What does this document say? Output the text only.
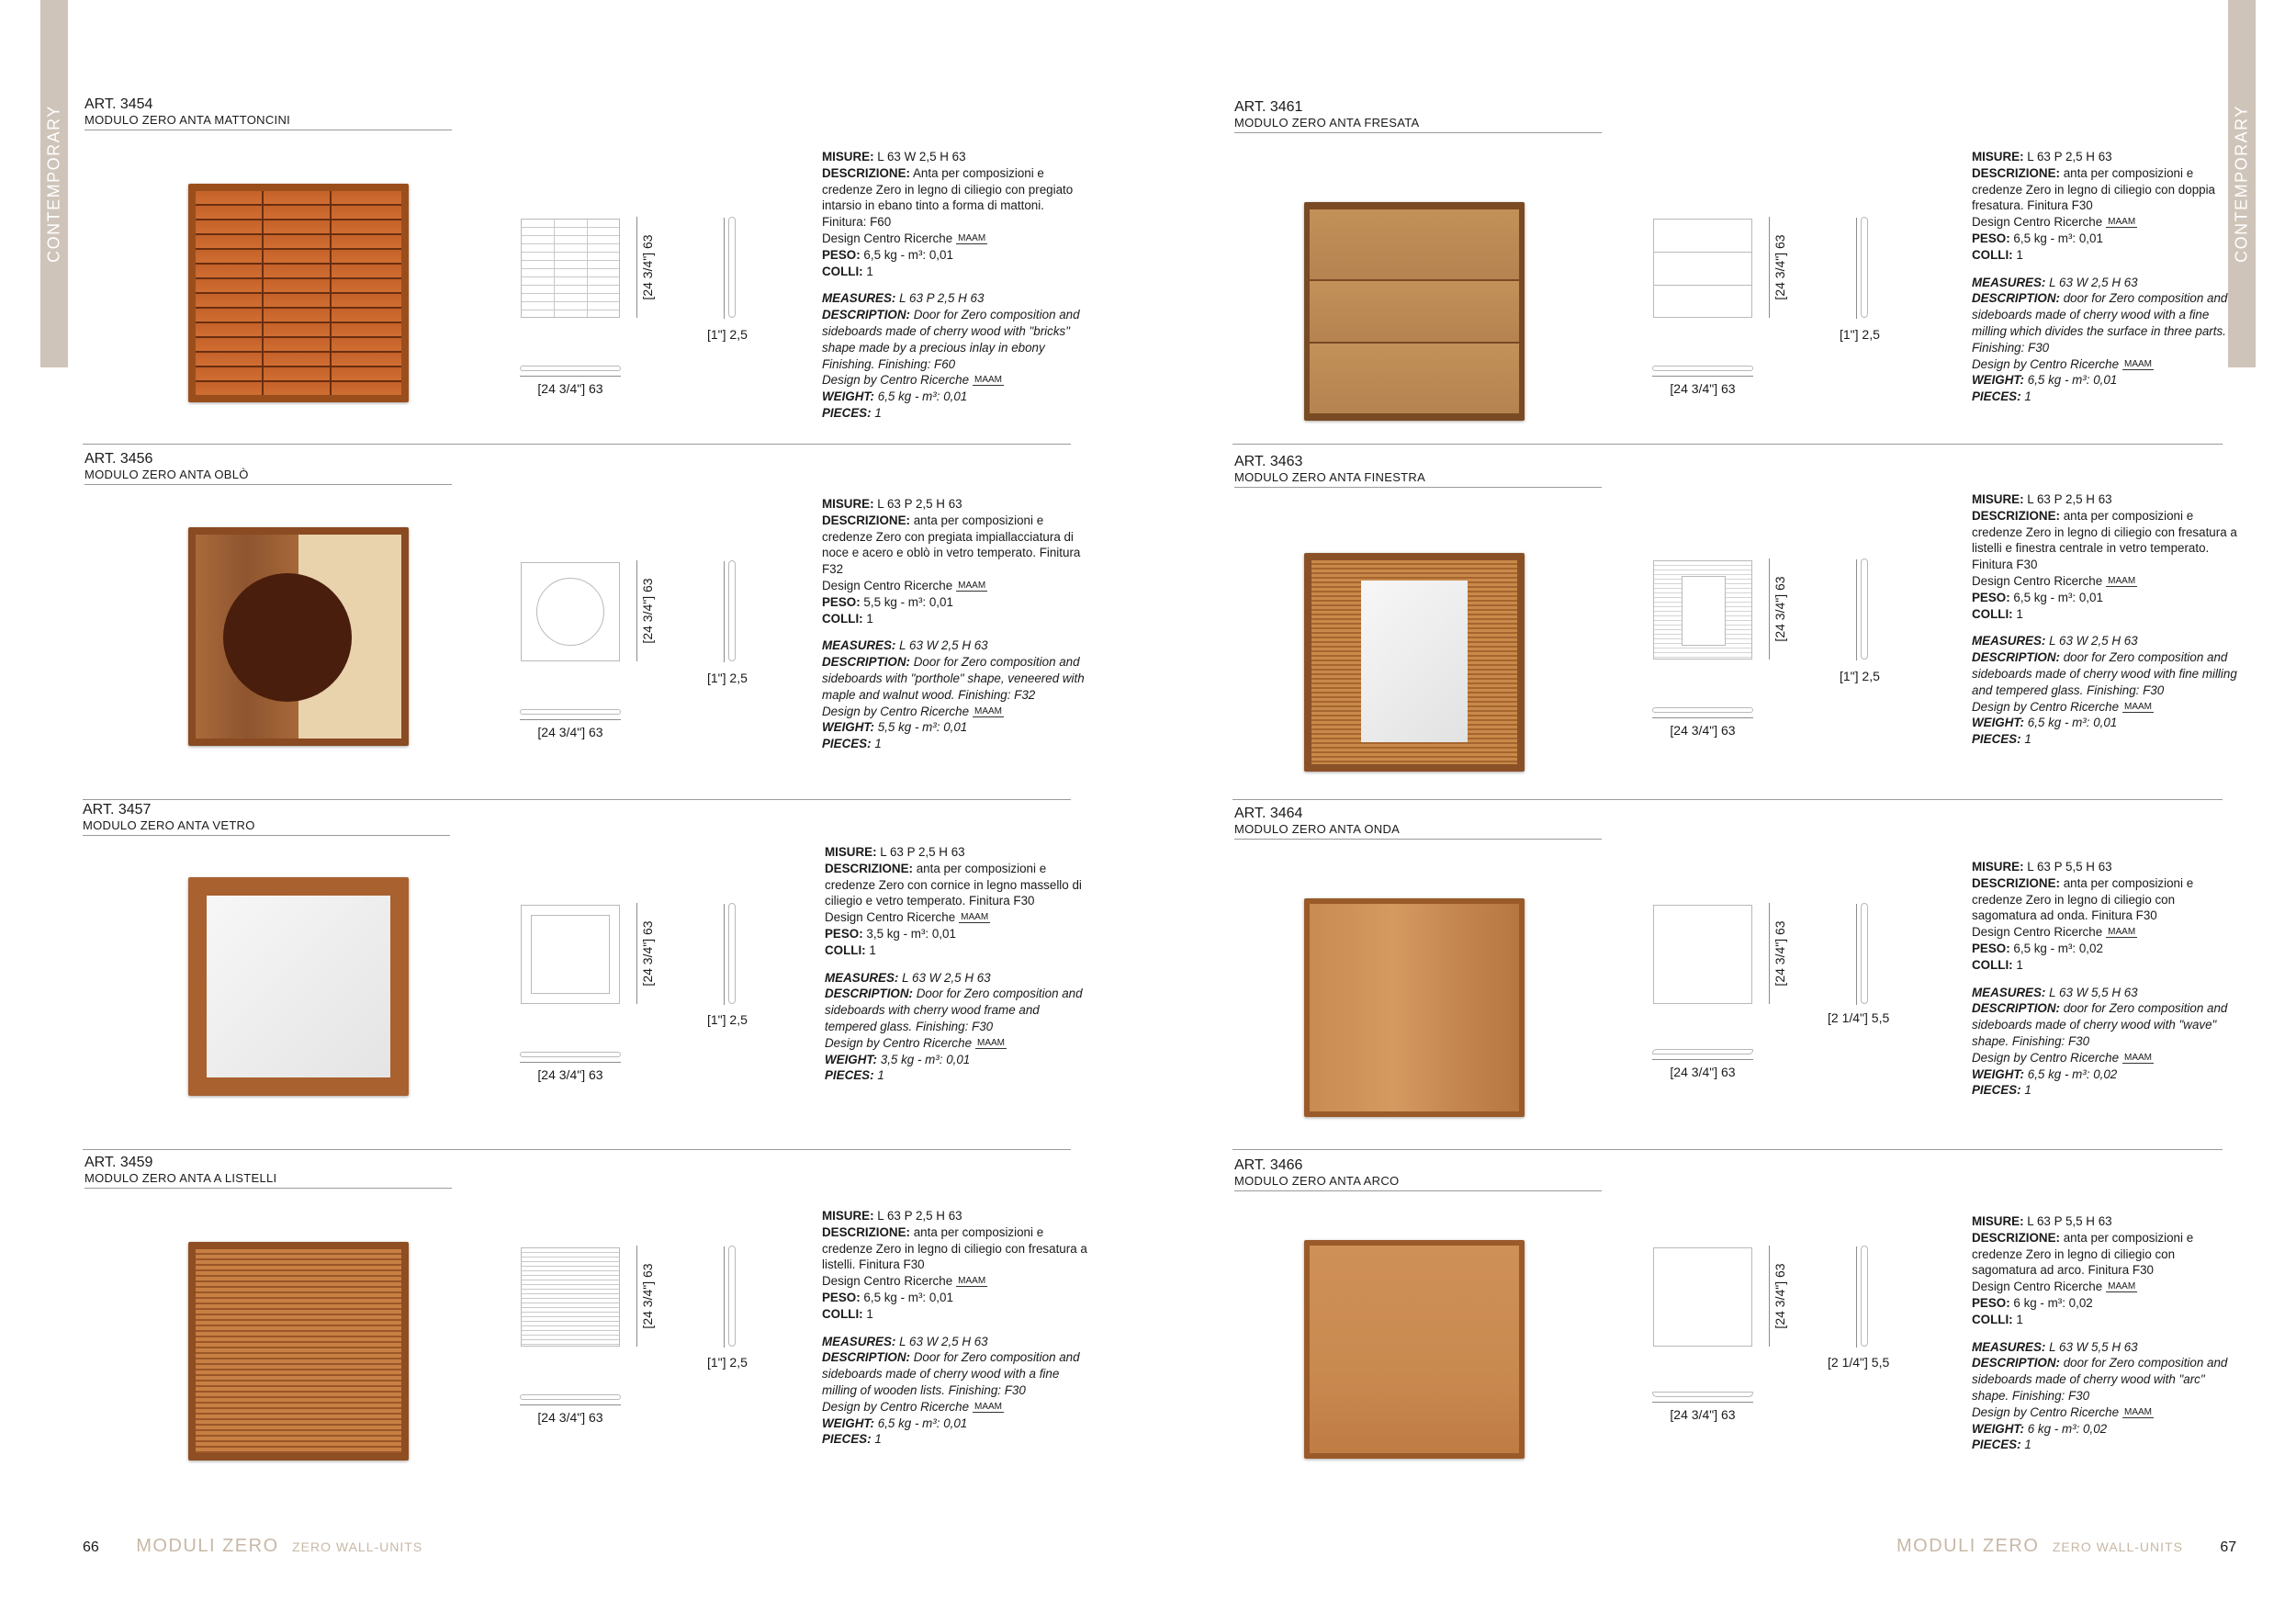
CONTEMPORARY	CONTEMPORARY
ART. 3454
MODULO ZERO ANTA MATTONCINI
[24 3/4"] 63
[1"] 2,5
[24 3/4"] 63
MISURE: L 63 W 2,5 H 63
DESCRIZIONE: Anta per composizioni e credenze Zero in legno di ciliegio con pregiato intarsio in ebano tinto a forma di mattoni. Finitura: F60
Design Centro Ricerche MAAM
PESO: 6,5 kg - m³: 0,01
COLLI: 1
MEASURES: L 63 P 2,5 H 63
DESCRIPTION: Door for Zero composition and sideboards made of cherry wood with "bricks" shape made by a precious inlay in ebony Finishing. Finishing: F60
Design by Centro Ricerche MAAM
WEIGHT: 6,5 kg - m³: 0,01
PIECES: 1
ART. 3456
MODULO ZERO ANTA OBLÒ
[24 3/4"] 63
[1"] 2,5
[24 3/4"] 63
MISURE: L 63 P 2,5 H 63
DESCRIZIONE: anta per composizioni e credenze Zero con pregiata impiallacciatura di noce e acero e oblò in vetro temperato. Finitura F32
Design Centro Ricerche MAAM
PESO: 5,5 kg - m³: 0,01
COLLI: 1
MEASURES: L 63 W 2,5 H 63
DESCRIPTION: Door for Zero composition and sideboards with "porthole" shape, veneered with maple and walnut wood. Finishing: F32
Design by Centro Ricerche MAAM
WEIGHT: 5,5 kg - m³: 0,01
PIECES: 1
ART. 3457
MODULO ZERO ANTA VETRO
[24 3/4"] 63
[1"] 2,5
[24 3/4"] 63
MISURE: L 63 P 2,5 H 63
DESCRIZIONE: anta per composizioni e credenze Zero con cornice in legno massello di ciliegio e vetro temperato. Finitura F30
Design Centro Ricerche MAAM
PESO: 3,5 kg - m³: 0,01
COLLI: 1
MEASURES: L 63 W 2,5 H 63
DESCRIPTION: Door for Zero composition and sideboards with cherry wood frame and tempered glass. Finishing: F30
Design by Centro Ricerche MAAM
WEIGHT: 3,5 kg - m³: 0,01
PIECES: 1
ART. 3459
MODULO ZERO ANTA A LISTELLI
[24 3/4"] 63
[1"] 2,5
[24 3/4"] 63
MISURE: L 63 P 2,5 H 63
DESCRIZIONE: anta per composizioni e credenze Zero in legno di ciliegio con fresatura a listelli. Finitura F30
Design Centro Ricerche MAAM
PESO: 6,5 kg - m³: 0,01
COLLI: 1
MEASURES: L 63 W 2,5 H 63
DESCRIPTION: Door for Zero composition and sideboards made of cherry wood with a fine milling of wooden lists. Finishing: F30
Design by Centro Ricerche MAAM
WEIGHT: 6,5 kg - m³: 0,01
PIECES: 1
ART. 3461
MODULO ZERO ANTA FRESATA
[24 3/4"] 63
[1"] 2,5
[24 3/4"] 63
MISURE: L 63 P 2,5 H 63
DESCRIZIONE: anta per composizioni e credenze Zero in legno di ciliegio con doppia fresatura. Finitura F30
Design Centro Ricerche MAAM
PESO: 6,5 kg - m³: 0,01
COLLI: 1
MEASURES: L 63 W 2,5 H 63
DESCRIPTION: door for Zero composition and sideboards made of cherry wood with a fine milling which divides the surface in three parts. Finishing: F30
Design by Centro Ricerche MAAM
WEIGHT: 6,5 kg - m³: 0,01
PIECES: 1
ART. 3463
MODULO ZERO ANTA FINESTRA
[24 3/4"] 63
[1"] 2,5
[24 3/4"] 63
MISURE: L 63 P 2,5 H 63
DESCRIZIONE: anta per composizioni e credenze Zero in legno di ciliegio con fresatura a listelli e finestra centrale in vetro temperato. Finitura F30
Design Centro Ricerche MAAM
PESO: 6,5 kg - m³: 0,01
COLLI: 1
MEASURES: L 63 W 2,5 H 63
DESCRIPTION: door for Zero composition and sideboards made of cherry wood with fine milling and tempered glass. Finishing: F30
Design by Centro Ricerche MAAM
WEIGHT: 6,5 kg - m³: 0,01
PIECES: 1
ART. 3464
MODULO ZERO ANTA ONDA
[24 3/4"] 63
[2 1/4"] 5,5
[24 3/4"] 63
MISURE: L 63 P 5,5 H 63
DESCRIZIONE: anta per composizioni e credenze Zero in legno di ciliegio con sagomatura ad onda. Finitura F30
Design Centro Ricerche MAAM
PESO: 6,5 kg - m³: 0,02
COLLI: 1
MEASURES: L 63 W 5,5 H 63
DESCRIPTION: door for Zero composition and sideboards made of cherry wood with "wave" shape. Finishing: F30
Design by Centro Ricerche MAAM
WEIGHT: 6,5 kg - m³: 0,02
PIECES: 1
ART. 3466
MODULO ZERO ANTA ARCO
[24 3/4"] 63
[2 1/4"] 5,5
[24 3/4"] 63
MISURE: L 63 P 5,5 H 63
DESCRIZIONE: anta per composizioni e credenze Zero in legno di ciliegio con sagomatura ad arco. Finitura F30
Design Centro Ricerche MAAM
PESO: 6 kg - m³: 0,02
COLLI: 1
MEASURES: L 63 W 5,5 H 63
DESCRIPTION: door for Zero composition and sideboards made of cherry wood with "arc" shape. Finishing: F30
Design by Centro Ricerche MAAM
WEIGHT: 6 kg - m³: 0,02
PIECES: 1
66 MODULI ZERO ZERO WALL-UNITS	MODULI ZERO ZERO WALL-UNITS	67
